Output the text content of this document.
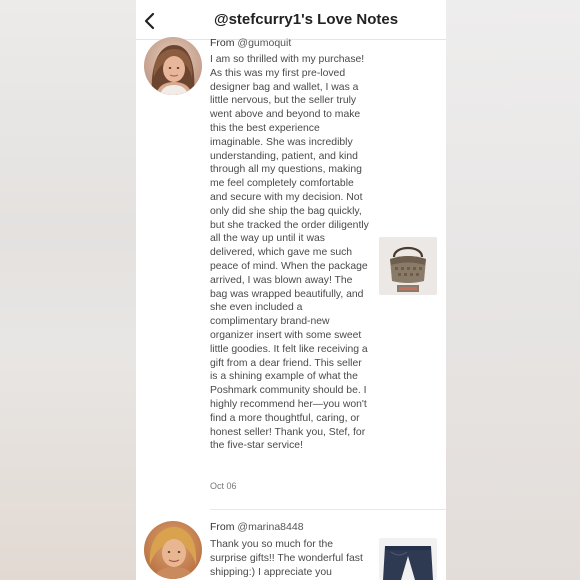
@stefcurry1's Love Notes
From @gumoquit
I am so thrilled with my purchase! As this was my first pre-loved designer bag and wallet, I was a little nervous, but the seller truly went above and beyond to make this the best experience imaginable. She was incredibly understanding, patient, and kind through all my questions, making me feel completely comfortable and secure with my decision. Not only did she ship the bag quickly, but she tracked the order diligently all the way up until it was delivered, which gave me such peace of mind. When the package arrived, I was blown away! The bag was wrapped beautifully, and she even included a complimentary brand-new organizer insert with some sweet little goodies. It felt like receiving a gift from a dear friend. This seller is a shining example of what the Poshmark community should be. I highly recommend her—you won't find a more thoughtful, caring, or honest seller! Thank you, Stef, for the five-star service!
Oct 06
From @marina8448
Thank you so much for the surprise gifts!! The wonderful fast shipping:) I appreciate you
